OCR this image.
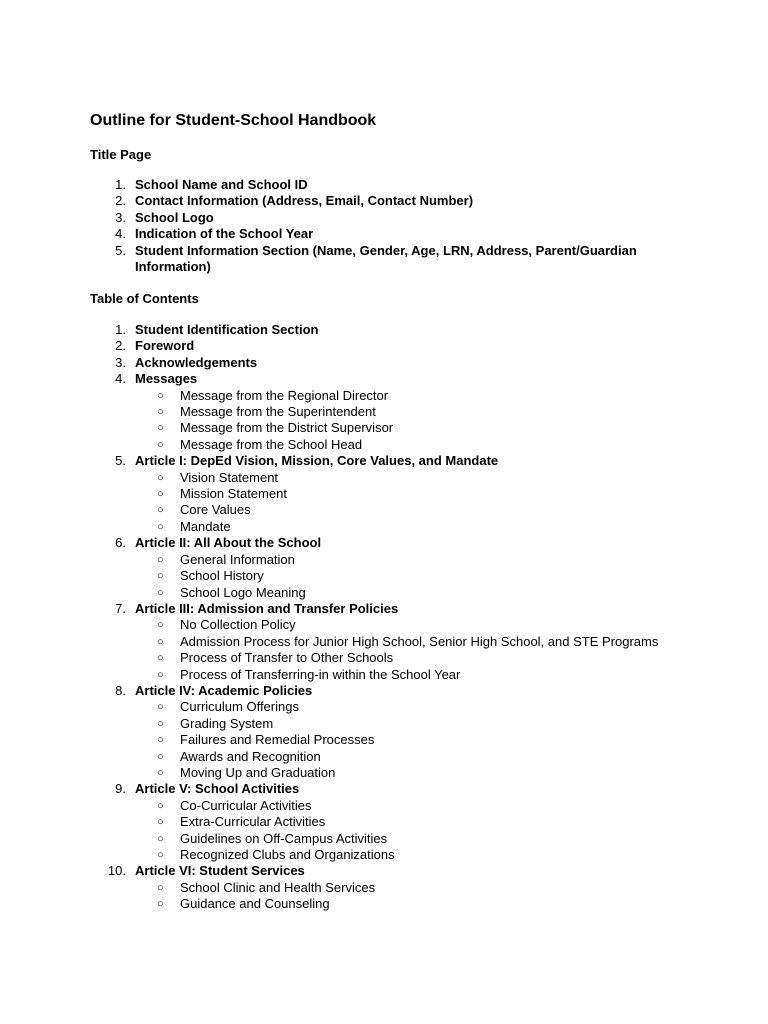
Outline for Student-School Handbook
Title Page
1. School Name and School ID
2. Contact Information (Address, Email, Contact Number)
3. School Logo
4. Indication of the School Year
5. Student Information Section (Name, Gender, Age, LRN, Address, Parent/Guardian Information)
Table of Contents
1. Student Identification Section
2. Foreword
3. Acknowledgements
4. Messages
○ Message from the Regional Director
○ Message from the Superintendent
○ Message from the District Supervisor
○ Message from the School Head
5. Article I: DepEd Vision, Mission, Core Values, and Mandate
○ Vision Statement
○ Mission Statement
○ Core Values
○ Mandate
6. Article II: All About the School
○ General Information
○ School History
○ School Logo Meaning
7. Article III: Admission and Transfer Policies
○ No Collection Policy
○ Admission Process for Junior High School, Senior High School, and STE Programs
○ Process of Transfer to Other Schools
○ Process of Transferring-in within the School Year
8. Article IV: Academic Policies
○ Curriculum Offerings
○ Grading System
○ Failures and Remedial Processes
○ Awards and Recognition
○ Moving Up and Graduation
9. Article V: School Activities
○ Co-Curricular Activities
○ Extra-Curricular Activities
○ Guidelines on Off-Campus Activities
○ Recognized Clubs and Organizations
10. Article VI: Student Services
○ School Clinic and Health Services
○ Guidance and Counseling
